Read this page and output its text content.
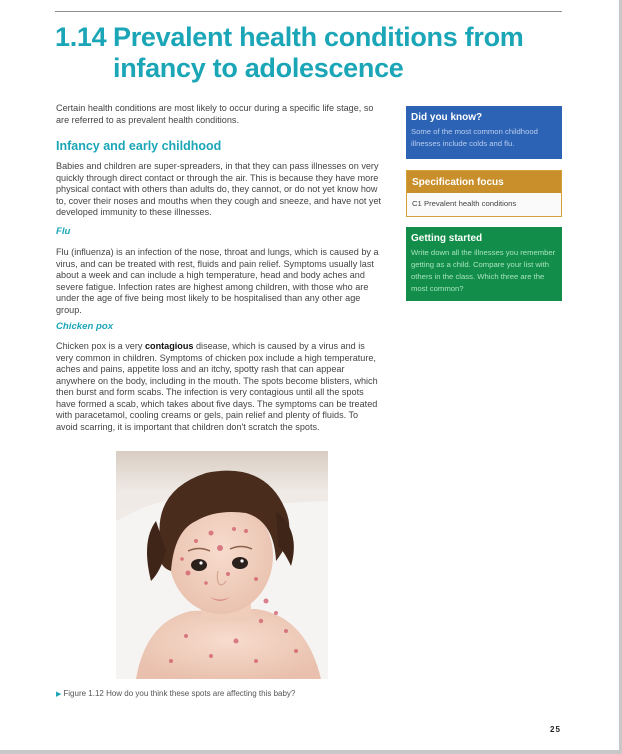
1.14 Prevalent health conditions from
infancy to adolescence

Certain health conditions are most likely to occur during a specific life stage, so are referred to as prevalent health conditions.

Infancy and early childhood

Babies and children are super-spreaders, in that they can pass illnesses on very quickly through direct contact or through the air. This is because they have more physical contact with others than adults do, they cannot, or do not yet know how to, cover their noses and mouths when they cough and sneeze, and have not yet developed immunity to these illnesses.

Flu

Flu (influenza) is an infection of the nose, throat and lungs, which is caused by a virus, and can be treated with rest, fluids and pain relief. Symptoms usually last about a week and can include a high temperature, head and body aches and severe fatigue. Infection rates are highest among children, with those who are under the age of five being most likely to be hospitalised than any other age group.

Chicken pox

Chicken pox is a very contagious disease, which is caused by a virus and is very common in children. Symptoms of chicken pox include a high temperature, aches and pains, appetite loss and an itchy, spotty rash that can appear anywhere on the body, including in the mouth. The spots become blisters, which then burst and form scabs. The infection is very contagious until all the spots have formed a scab, which takes about five days. The symptoms can be treated with paracetamol, cooling creams or gels, pain relief and plenty of fluids. To avoid scarring, it is important that children don't scratch the spots.

▶ Figure 1.12 How do you think these spots are affecting this baby?
Did you know?
Some of the most common childhood illnesses include colds and flu.
Specification focus
C1 Prevalent health conditions
Getting started
Write down all the illnesses you remember getting as a child. Compare your list with others in the class. Which three are the most common?
25
